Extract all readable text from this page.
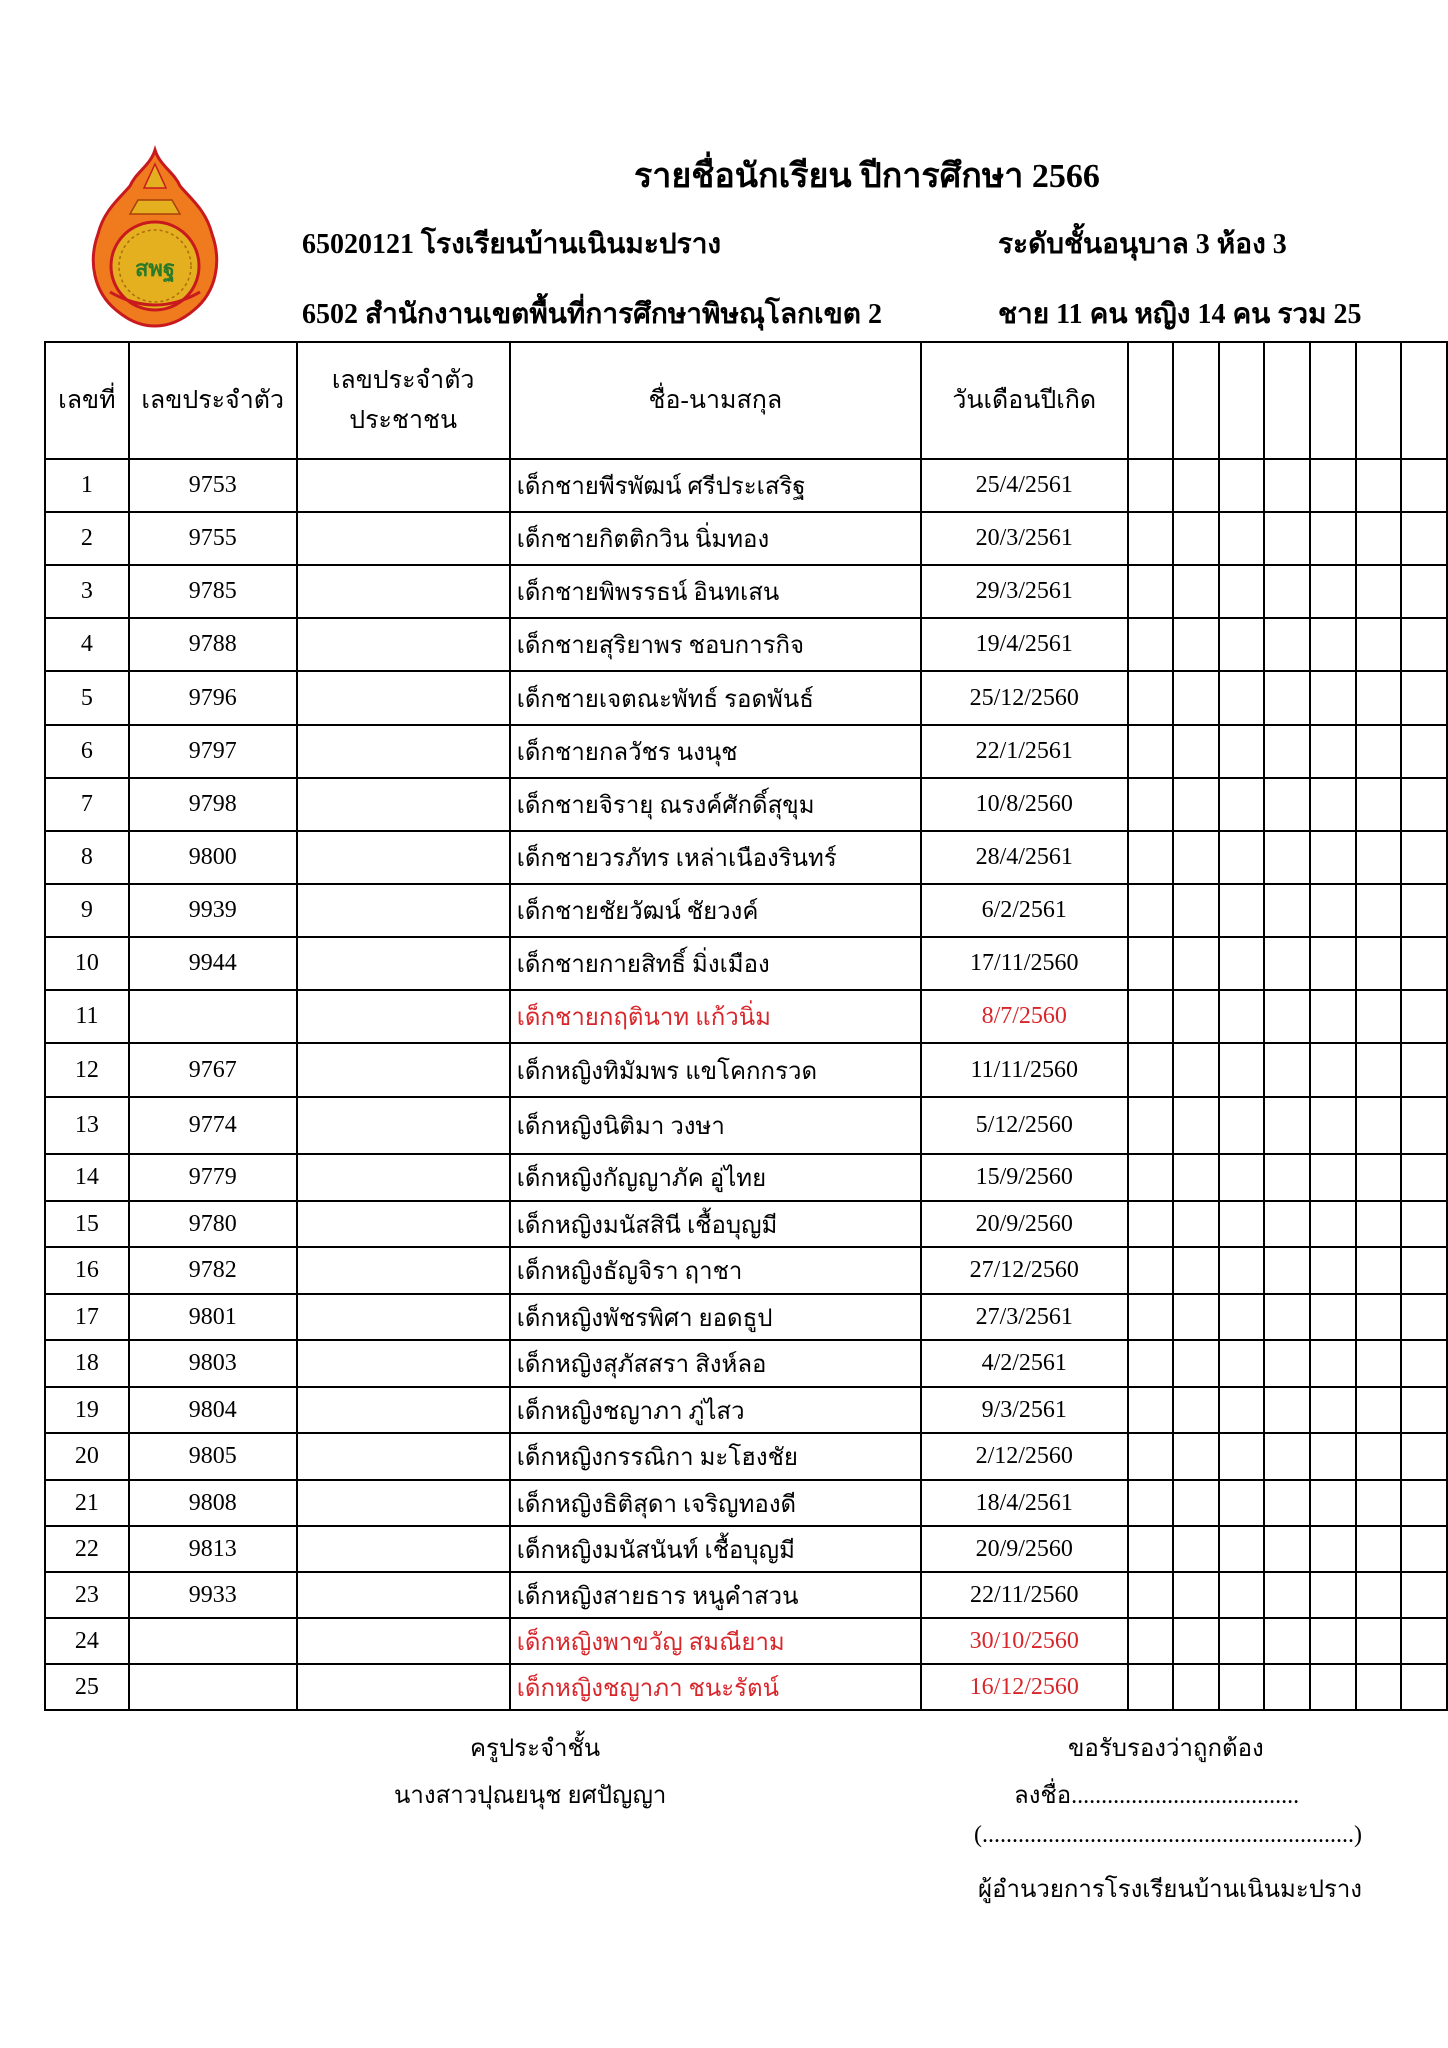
สพฐ
รายชื่อนักเรียน ปีการศึกษา 2566
65020121 โรงเรียนบ้านเนินมะปราง	ระดับชั้นอนุบาล 3 ห้อง 3
6502 สำนักงานเขตพื้นที่การศึกษาพิษณุโลกเขต 2	ชาย 11 คน หญิง 14 คน รวม 25
เลขที่	เลขประจำตัว	เลขประจำตัวประชาชน	ชื่อ-นามสกุล	วันเดือนปีเกิด							
1	9753		เด็กชายพีรพัฒน์ ศรีประเสริฐ	25/4/2561							
2	9755		เด็กชายกิตติกวิน นิ่มทอง	20/3/2561							
3	9785		เด็กชายพิพรรธน์ อินทเสน	29/3/2561							
4	9788		เด็กชายสุริยาพร ชอบการกิจ	19/4/2561							
5	9796		เด็กชายเจตณะพัทธ์ รอดพันธ์	25/12/2560							
6	9797		เด็กชายกลวัชร นงนุช	22/1/2561							
7	9798		เด็กชายจิรายุ ณรงค์ศักดิ์สุขุม	10/8/2560							
8	9800		เด็กชายวรภัทร เหล่าเนืองรินทร์	28/4/2561							
9	9939		เด็กชายชัยวัฒน์ ชัยวงค์	6/2/2561							
10	9944		เด็กชายกายสิทธิ์ มิ่งเมือง	17/11/2560							
11			เด็กชายกฤตินาท แก้วนิ่ม	8/7/2560							
12	9767		เด็กหญิงทิมัมพร แขโคกกรวด	11/11/2560							
13	9774		เด็กหญิงนิติมา วงษา	5/12/2560							
14	9779		เด็กหญิงกัญญาภัค อู่ไทย	15/9/2560							
15	9780		เด็กหญิงมนัสสินี เชื้อบุญมี	20/9/2560							
16	9782		เด็กหญิงธัญจิรา ฤาชา	27/12/2560							
17	9801		เด็กหญิงพัชรพิศา ยอดธูป	27/3/2561							
18	9803		เด็กหญิงสุภัสสรา สิงห์ลอ	4/2/2561							
19	9804		เด็กหญิงชญาภา ภู่ไสว	9/3/2561							
20	9805		เด็กหญิงกรรณิกา มะโฮงชัย	2/12/2560							
21	9808		เด็กหญิงธิติสุดา เจริญทองดี	18/4/2561							
22	9813		เด็กหญิงมนัสนันท์ เชื้อบุญมี	20/9/2560							
23	9933		เด็กหญิงสายธาร หนูคำสวน	22/11/2560							
24			เด็กหญิงพาขวัญ สมณียาม	30/10/2560							
25			เด็กหญิงชญาภา ชนะรัตน์	16/12/2560							
ครูประจำชั้น
นางสาวปุณยนุช ยศปัญญา
ขอรับรองว่าถูกต้อง
ลงชื่อ......................................
(..............................................................)
ผู้อำนวยการโรงเรียนบ้านเนินมะปราง
